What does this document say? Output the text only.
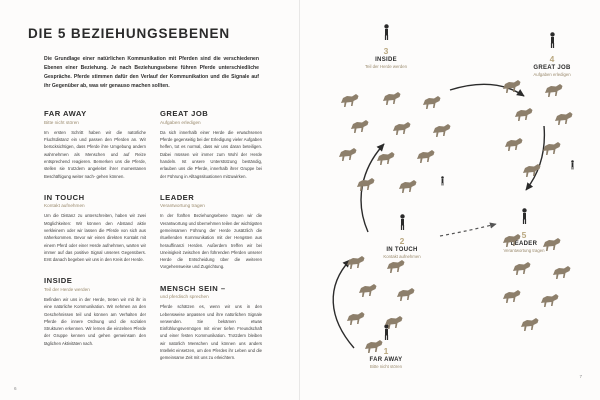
DIE 5 BEZIEHUNGSEBENEN

Die Grundlage einer natürlichen Kommunikation mit Pferden sind die verschiedenen Ebenen einer Beziehung. Je nach Beziehungsebene führen Pferde unterschiedliche Gespräche. Pferde stimmen dafür den Verlauf der Kommunikation und die Signale auf ihr Gegenüber ab, was wir genauso machen sollten.

FAR AWAY
Bitte nicht stören

Im ersten Schritt haben wir die natürliche Fluchtdistanz ein und passen den Pferden an. Wir berücksichtigen, dass Pferde ihre Umgebung andern wahrnehmen als Menschen und auf Reize entsprechend reagieren. Bemerken uns die Pferde, stellen sie trotzdem angeleitet ihrer momentanen Beschäftigung weiter nach- gehen können.

IN TOUCH
Kontakt aufnehmen

Um die Distanz zu unterschreiten, haben wir zwei Möglichkeiten: Wir können den Abstand aktiv verkleinern oder wir lassen die Pferde von sich aus näherkommen. Bevor wir einen direkten Kontakt mit einem Pferd oder einer Herde aufnehmen, warten wir immer auf das positive Signal unseres Gegenübers. Erst danach begeben wir uns in den Kreis der Herde.

INSIDE
Teil der Herde werden

Befinden wir uns in der Herde, treten wir mit ihr in eine natürliche Kommunikation. Wir nehmen an den Geschehnissen teil und können am Verhalten der Pferde die innere Ordnung und die sozialen Strukturen erkennen. Wir lernen die einzelnen Pferde der Gruppe kennen und gehen gemeinsam den täglichen Aktivitäten nach.

GREAT JOB
Aufgaben erledigen

Da sich innerhalb einer Herde die erwachsenen Pferde gegenseitig bei der Erledigung vieler Aufgaben helfen, tot es normal, dass wir uns daran beteiligen. Dabei müssen wir immer zum Wohl der Herde handeln. Ist unsere Unterstützung beständig, erlauben uns die Pferde, innerhalb ihrer Gruppe bei der Führung in Alltagssituationen mitzuwirken.

LEADER
Verantwortung tragen

In der fünften Beziehungsebene tragen wir die Verantwortung und übernehmen teilen der wichtigsten gemeinsamen Führung der Herde zusätzlich die rituellenden Kommunikation mit der Hengsten aus herauffinanzi Herden. Außerdem treffen wir bei Uneinigkeit zwischen den führenden Pferden unserer Herde die Entscheidung über die weiteren Vorgehensweise und Zugrichtung.

MENSCH SEIN –
und pferdisch sprechen

Pferde schätzen es, wenn wir uns in den Lebensweise anpassen und ihre natürlichen Signale verwenden. Sie bekämen etwas Einfühlungsvermögen mit einer tiefen Freundschaft und einer festen Kommunikation. Trotzdem bleiben wir natürlich Menschen und können uns anders Intellekt einsetzen, um den Pferdes ihr Leben und die gemeinsame Zeit mit uns zu erleichtern.

6
3
INSIDE
Teil der Herde werden
4
GREAT JOB
Aufgaben erledigen
5
LEADER
Verantwortung tragen
2
IN TOUCH
Kontakt aufnehmen
1
FAR AWAY
Bitte nicht stören
7
